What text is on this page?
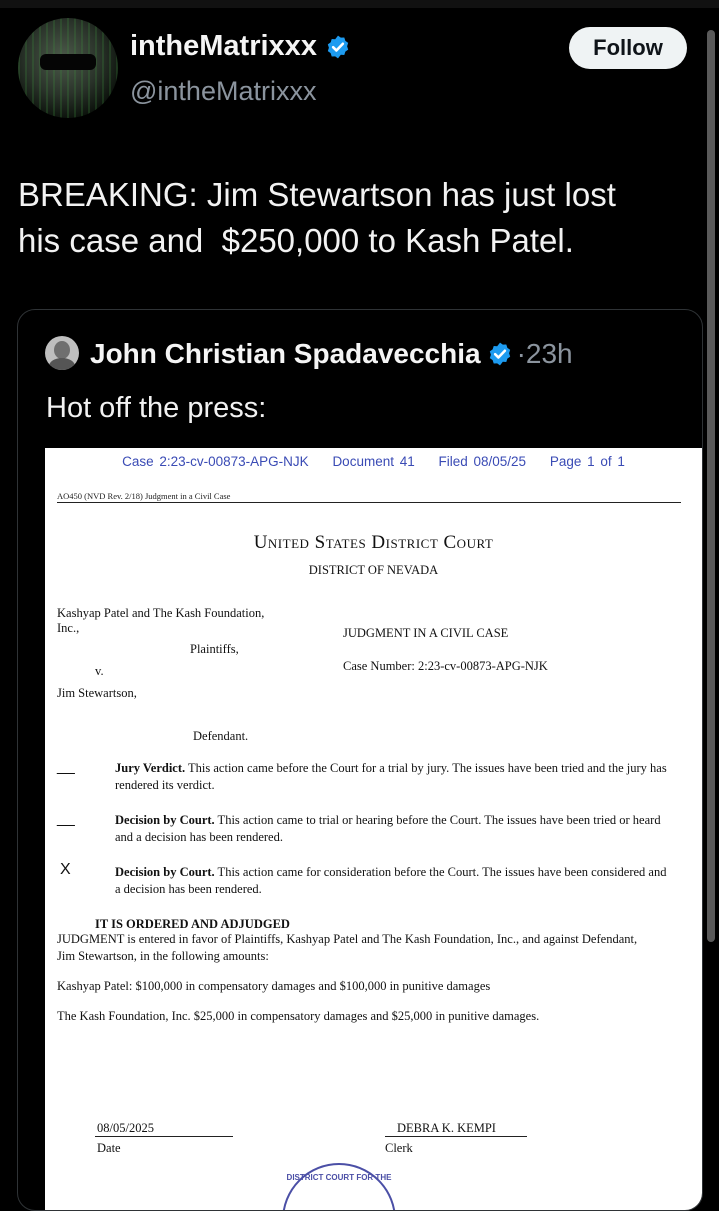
intheMatrixxx
@intheMatrixxx
Follow
BREAKING: Jim Stewartson has just lost
his case and  $250,000 to Kash Patel.
John Christian Spadavecchia ·23h
Hot off the press:
Case 2:23-cv-00873-APG-NJK Document 41 Filed 08/05/25 Page 1 of 1
AO450 (NVD Rev. 2/18) Judgment in a Civil Case
United States District Court
DISTRICT OF NEVADA
Kashyap Patel and The Kash Foundation,
Inc.,
Plaintiffs,
v.
Jim Stewartson,
Defendant.
JUDGMENT IN A CIVIL CASE
Case Number: 2:23-cv-00873-APG-NJK
__	Jury Verdict. This action came before the Court for a trial by jury. The issues have been tried and the jury has rendered its verdict.
__	Decision by Court. This action came to trial or hearing before the Court. The issues have been tried or heard and a decision has been rendered.
X	Decision by Court. This action came for consideration before the Court. The issues have been considered and a decision has been rendered.
IT IS ORDERED AND ADJUDGED
JUDGMENT is entered in favor of Plaintiffs, Kashyap Patel and The Kash Foundation, Inc., and against Defendant, Jim Stewartson, in the following amounts:
Kashyap Patel: $100,000 in compensatory damages and $100,000 in punitive damages
The Kash Foundation, Inc. $25,000 in compensatory damages and $25,000 in punitive damages.
08/05/2025
Date
DEBRA K. KEMPI
Clerk
DISTRICT COURT FOR THE
